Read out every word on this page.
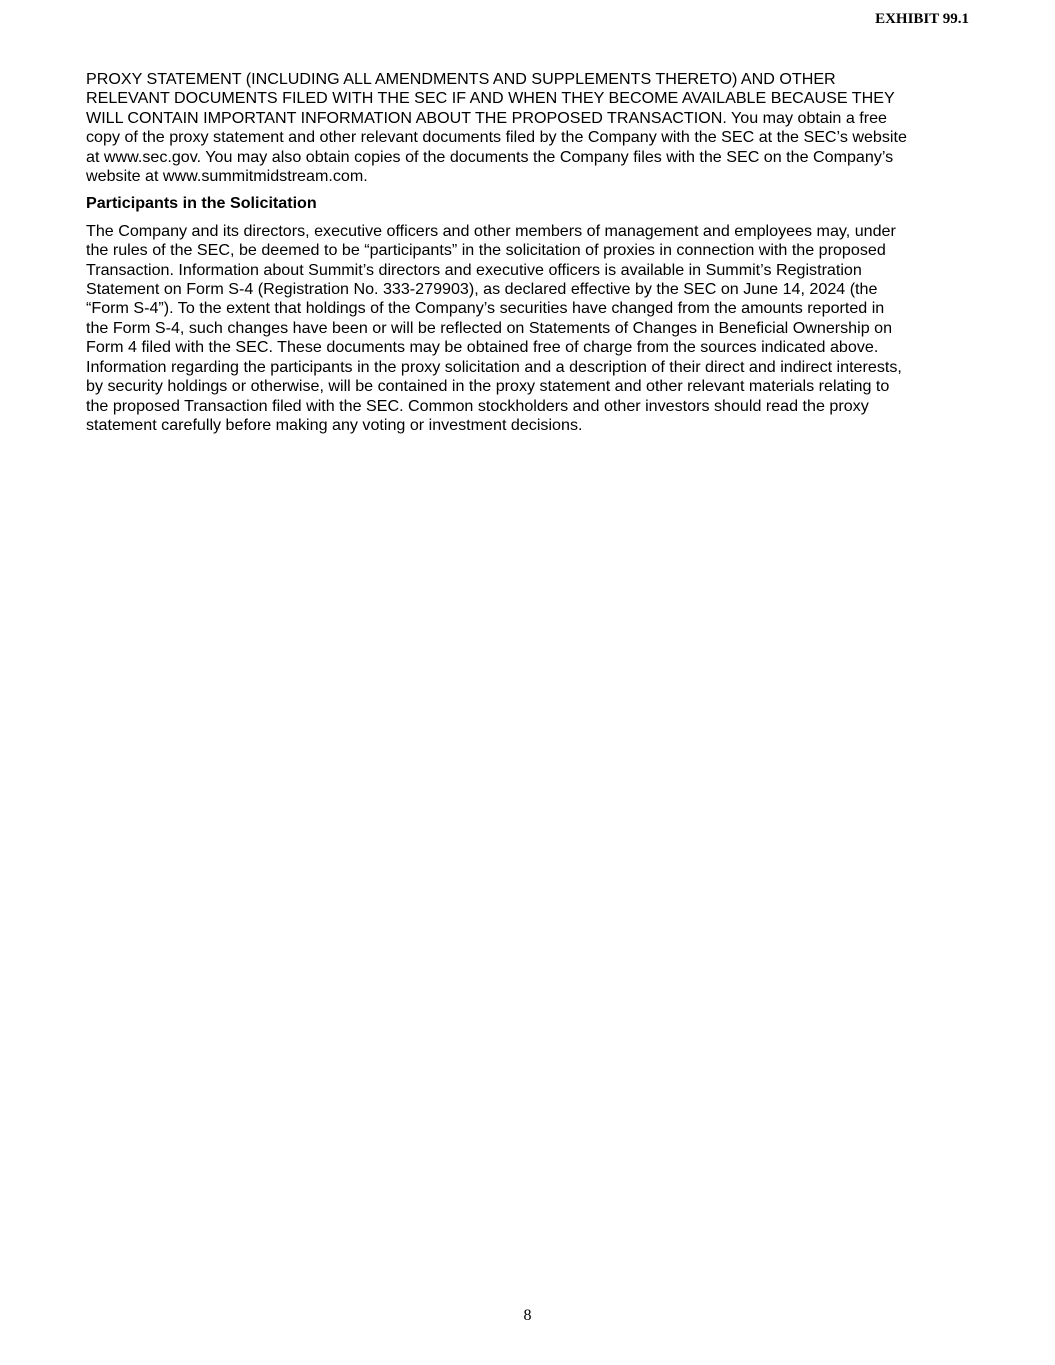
EXHIBIT 99.1

PROXY STATEMENT (INCLUDING ALL AMENDMENTS AND SUPPLEMENTS THERETO) AND OTHER
RELEVANT DOCUMENTS FILED WITH THE SEC IF AND WHEN THEY BECOME AVAILABLE BECAUSE THEY
WILL CONTAIN IMPORTANT INFORMATION ABOUT THE PROPOSED TRANSACTION. You may obtain a free
copy of the proxy statement and other relevant documents filed by the Company with the SEC at the SEC’s website
at www.sec.gov. You may also obtain copies of the documents the Company files with the SEC on the Company’s
website at www.summitmidstream.com.

Participants in the Solicitation

The Company and its directors, executive officers and other members of management and employees may, under
the rules of the SEC, be deemed to be “participants” in the solicitation of proxies in connection with the proposed
Transaction. Information about Summit’s directors and executive officers is available in Summit’s Registration
Statement on Form S-4 (Registration No. 333-279903), as declared effective by the SEC on June 14, 2024 (the
“Form S-4”). To the extent that holdings of the Company’s securities have changed from the amounts reported in
the Form S-4, such changes have been or will be reflected on Statements of Changes in Beneficial Ownership on
Form 4 filed with the SEC. These documents may be obtained free of charge from the sources indicated above.
Information regarding the participants in the proxy solicitation and a description of their direct and indirect interests,
by security holdings or otherwise, will be contained in the proxy statement and other relevant materials relating to
the proposed Transaction filed with the SEC. Common stockholders and other investors should read the proxy
statement carefully before making any voting or investment decisions.

8
